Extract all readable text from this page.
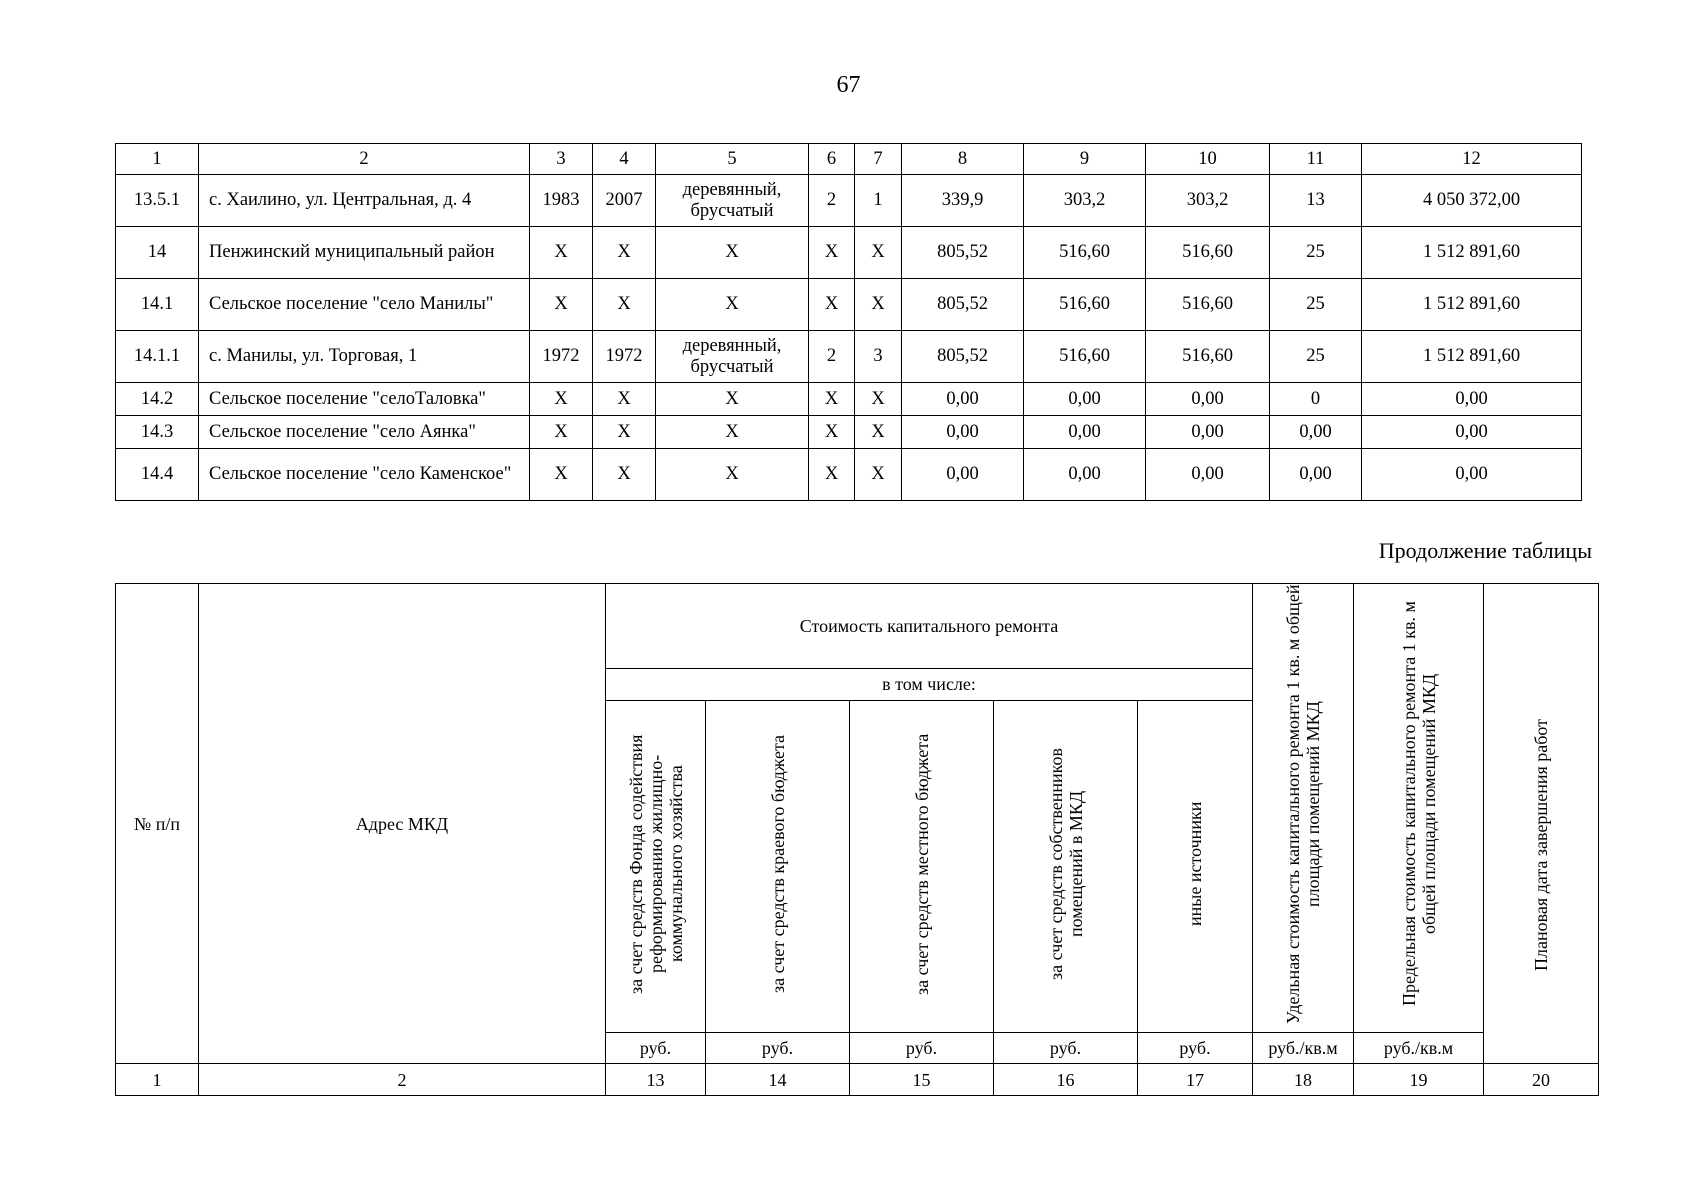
67
1	2	3	4	5	6	7	8	9	10	11	12
13.5.1	с. Хаилино, ул. Центральная, д. 4	1983	2007	деревянный, брусчатый	2	1	339,9	303,2	303,2	13	4 050 372,00
14	Пенжинский муниципальный район	X	X	X	X	X	805,52	516,60	516,60	25	1 512 891,60
14.1	Сельское поселение "село Манилы"	X	X	X	X	X	805,52	516,60	516,60	25	1 512 891,60
14.1.1	с. Манилы, ул. Торговая, 1	1972	1972	деревянный, брусчатый	2	3	805,52	516,60	516,60	25	1 512 891,60
14.2	Сельское поселение "селоТаловка"	X	X	X	X	X	0,00	0,00	0,00	0	0,00
14.3	Сельское поселение "село Аянка"	X	X	X	X	X	0,00	0,00	0,00	0,00	0,00
14.4	Сельское поселение "село Каменское"	X	X	X	X	X	0,00	0,00	0,00	0,00	0,00
Продолжение таблицы
№ п/п	Адрес МКД	Стоимость капитального ремонта					Удельная стоимость капитального ремонта 1 кв. м общей площади помещений МКД	Предельная стоимость капитального ремонта 1 кв. м общей площади помещений МКД	Плановая дата завершения работ
		в том числе:							
		за счет средств Фонда содействия реформированию жилищно-коммунального хозяйства	за счет средств краевого бюджета	за счет средств местного бюджета	за счет средств собственников помещений в МКД	иные источники			
		руб.	руб.	руб.	руб.	руб.	руб./кв.м	руб./кв.м	
1	2	13	14	15	16	17	18	19	20
